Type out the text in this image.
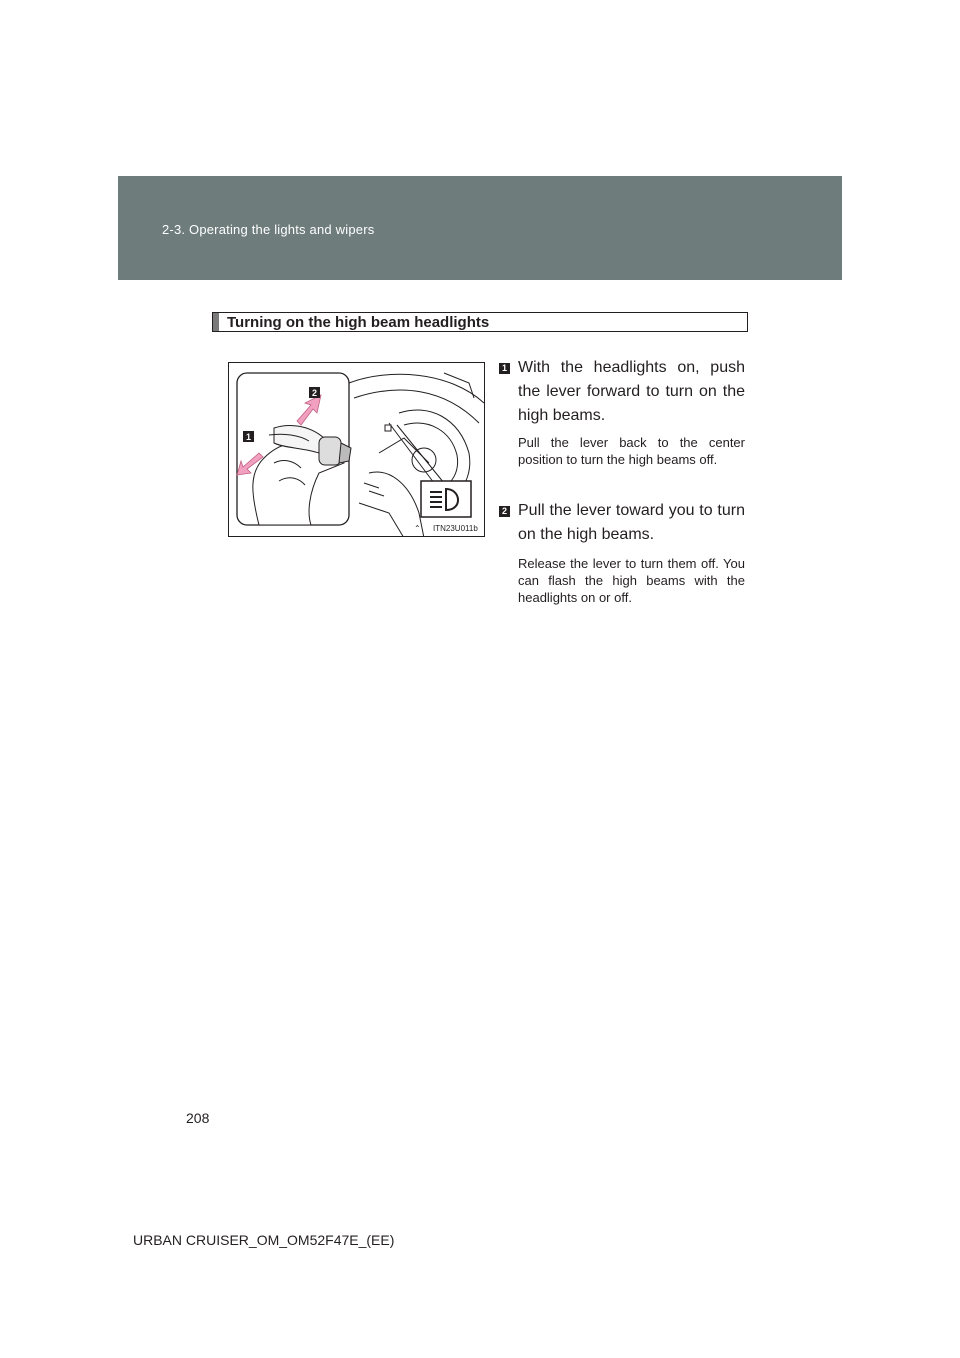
2-3. Operating the lights and wipers
Turning on the high beam headlights
2
1
⌃ ITN23U011b
1 With the headlights on, push the lever forward to turn on the high beams.
Pull the lever back to the center position to turn the high beams off.
2 Pull the lever toward you to turn on the high beams.
Release the lever to turn them off. You can flash the high beams with the headlights on or off.
208
URBAN CRUISER_OM_OM52F47E_(EE)
